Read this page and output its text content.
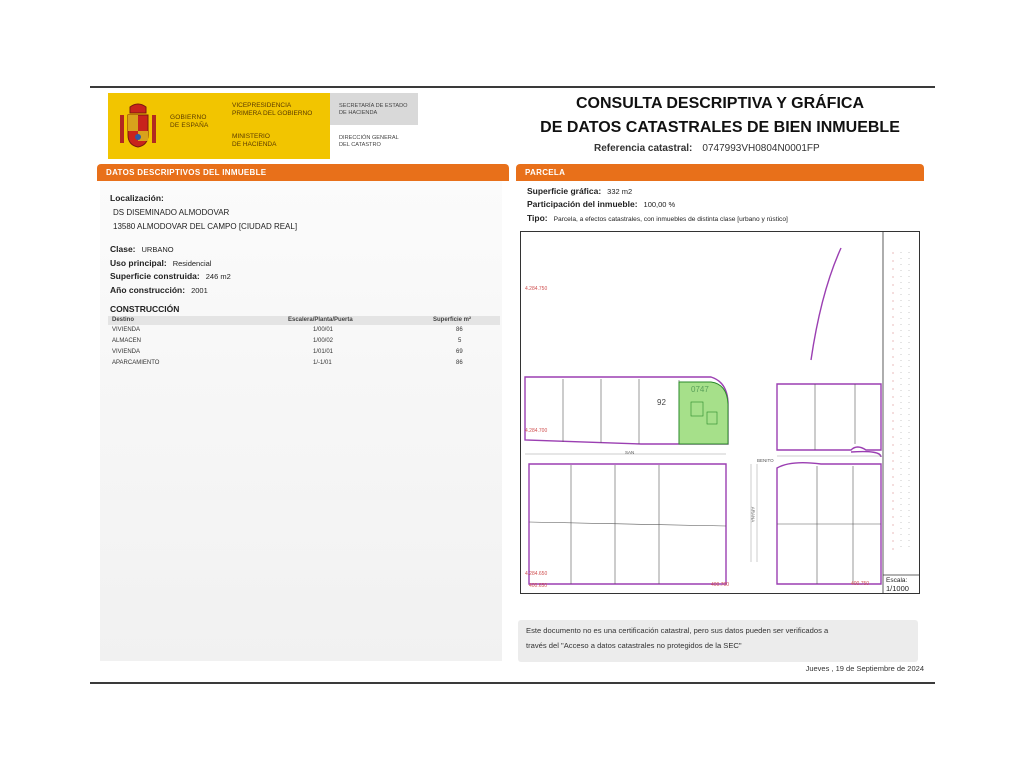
GOBIERNO
DE ESPAÑA
VICEPRESIDENCIA
PRIMERA DEL GOBIERNO
MINISTERIO
DE HACIENDA
SECRETARÍA DE ESTADO
DE HACIENDA
DIRECCIÓN GENERAL
DEL CATASTRO
CONSULTA DESCRIPTIVA Y GRÁFICA
DE DATOS CATASTRALES DE BIEN INMUEBLE
Referencia catastral: 0747993VH0804N0001FP
DATOS DESCRIPTIVOS DEL INMUEBLE
Localización:
DS DISEMINADO ALMODOVAR
13580 ALMODOVAR DEL CAMPO [CIUDAD REAL]
Clase: URBANO
Uso principal: Residencial
Superficie construida: 246 m2
Año construcción: 2001
CONSTRUCCIÓN
Destino	Escalera/Planta/Puerta	Superficie m²
VIVIENDA	1/00/01	86
ALMACEN	1/00/02	5
VIVIENDA	1/01/01	69
APARCAMIENTO	1/-1/01	86
PARCELA
Superficie gráfica: 332 m2
Participación del inmueble: 100,00 %
Tipo: Parcela, a efectos catastrales, con inmuebles de distinta clase [urbano y rústico]
4.284.750
4.284.700
4.284.650
400.650	400.700	400.750
92
0747
SAN
BENITO
ARANA
Escala:
1/1000
Este documento no es una certificación catastral, pero sus datos pueden ser verificados a
través del "Acceso a datos catastrales no protegidos de la SEC"
Jueves , 19 de Septiembre de 2024
